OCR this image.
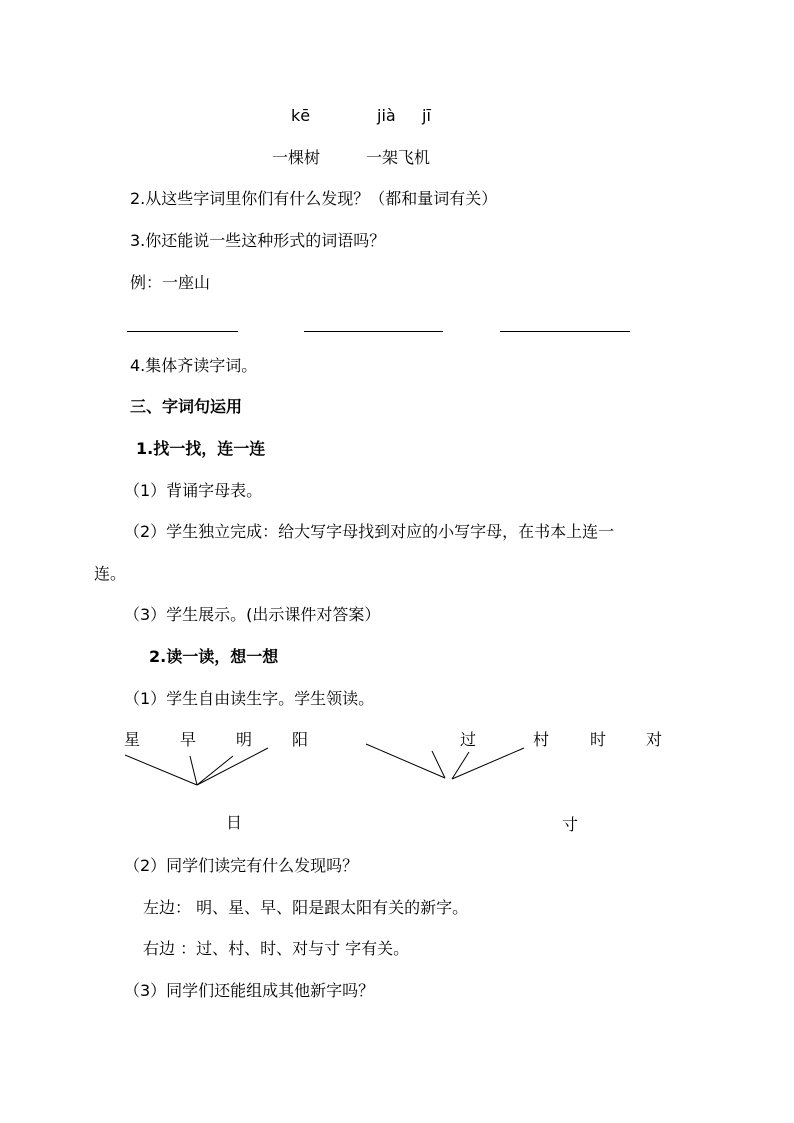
kē	jià jī
一棵树	一架飞机
2.从这些字词里你们有什么发现？（都和量词有关）
3.你还能说一些这种形式的词语吗？
例：一座山
4.集体齐读字词。
三、字词句运用
1.找一找，连一连
（1）背诵字母表。
（2）学生独立完成：给大写字母找到对应的小写字母，在书本上连一
连。
（3）学生展示。(出示课件对答案）
2.读一读，想一想
（1）学生自由读生字。学生领读。
星 早 明 阳	过	村	时 对
日	寸
（2）同学们读完有什么发现吗？
左边： 明、星、早、阳是跟太阳有关的新字。
右边 ：过、村、时、对与寸 字有关。
（3）同学们还能组成其他新字吗？
